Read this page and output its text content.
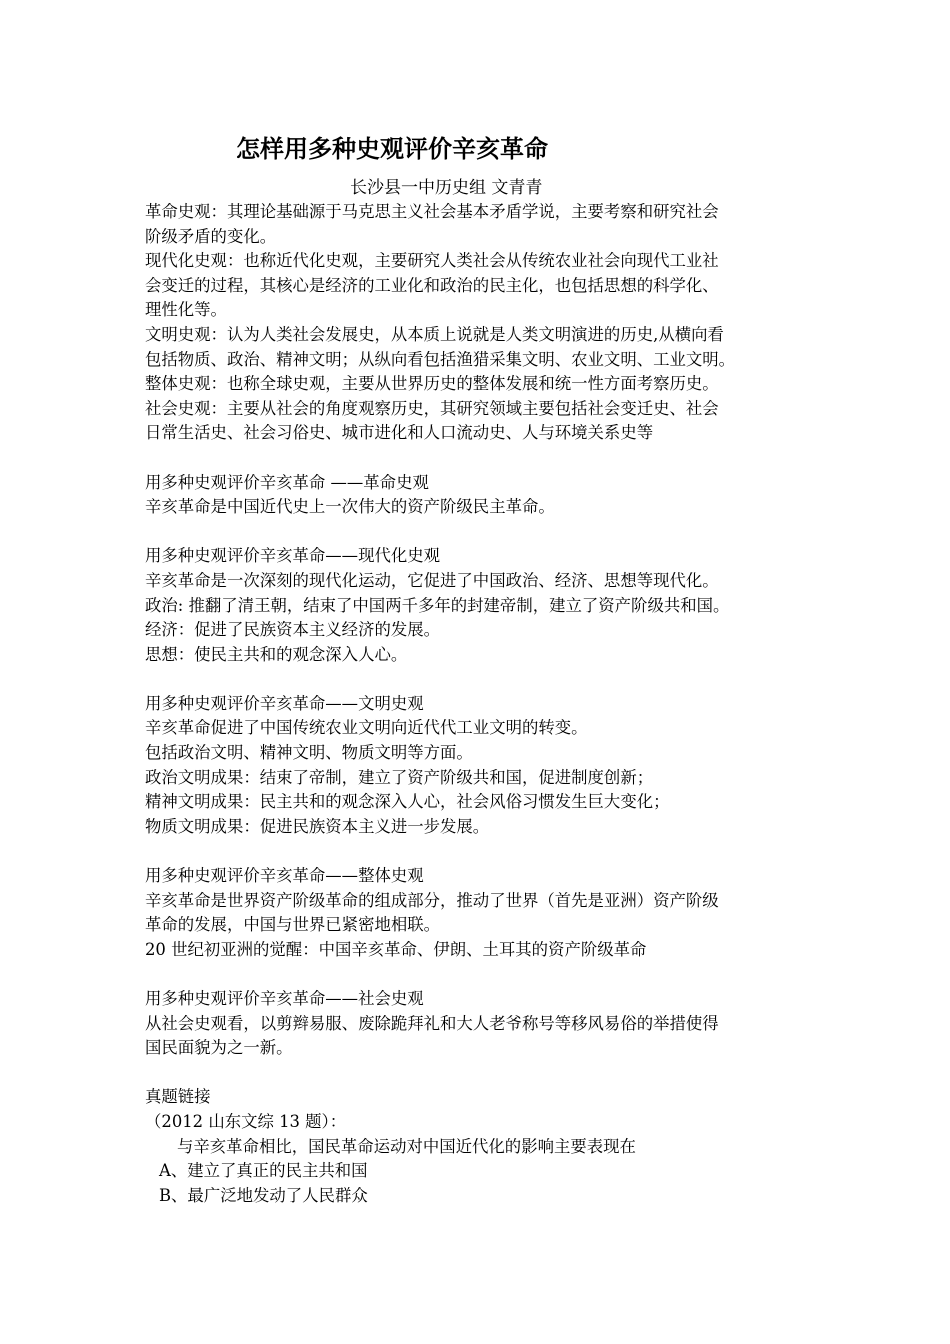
怎样用多种史观评价辛亥革命
长沙县一中历史组 文青青
革命史观：其理论基础源于马克思主义社会基本矛盾学说，主要考察和研究社会
阶级矛盾的变化。
现代化史观：也称近代化史观，主要研究人类社会从传统农业社会向现代工业社
会变迁的过程，其核心是经济的工业化和政治的民主化，也包括思想的科学化、
理性化等。
文明史观：认为人类社会发展史，从本质上说就是人类文明演进的历史,从横向看
包括物质、政治、精神文明；从纵向看包括渔猎采集文明、农业文明、工业文明。
整体史观：也称全球史观，主要从世界历史的整体发展和统一性方面考察历史。
社会史观：主要从社会的角度观察历史，其研究领域主要包括社会变迁史、社会
日常生活史、社会习俗史、城市进化和人口流动史、人与环境关系史等
用多种史观评价辛亥革命 ——革命史观
辛亥革命是中国近代史上一次伟大的资产阶级民主革命。
用多种史观评价辛亥革命——现代化史观
辛亥革命是一次深刻的现代化运动，它促进了中国政治、经济、思想等现代化。
政治: 推翻了清王朝，结束了中国两千多年的封建帝制，建立了资产阶级共和国。
经济：促进了民族资本主义经济的发展。
思想：使民主共和的观念深入人心。
用多种史观评价辛亥革命——文明史观
辛亥革命促进了中国传统农业文明向近代代工业文明的转变。
包括政治文明、精神文明、物质文明等方面。
政治文明成果：结束了帝制，建立了资产阶级共和国，促进制度创新；
精神文明成果：民主共和的观念深入人心，社会风俗习惯发生巨大变化；
物质文明成果：促进民族资本主义进一步发展。
用多种史观评价辛亥革命——整体史观
辛亥革命是世界资产阶级革命的组成部分，推动了世界（首先是亚洲）资产阶级
革命的发展，中国与世界已紧密地相联。
20 世纪初亚洲的觉醒：中国辛亥革命、伊朗、土耳其的资产阶级革命
用多种史观评价辛亥革命——社会史观
从社会史观看，以剪辫易服、废除跪拜礼和大人老爷称号等移风易俗的举措使得
国民面貌为之一新。
真题链接
（2012 山东文综 13 题）：
与辛亥革命相比，国民革命运动对中国近代化的影响主要表现在
A、建立了真正的民主共和国
B、最广泛地发动了人民群众
